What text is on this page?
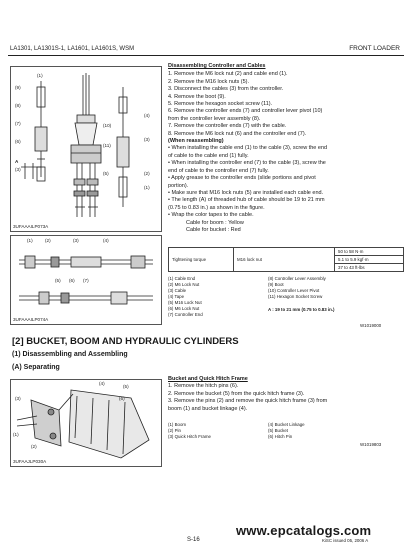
LA1301, LA1301S-1, LA1601, LA1601S, WSM	FRONT LOADER
(1)
(9)
(8)
(7)
(6)
(4)
(10)
(3)
(11)
(2)
(3)
(5)
(1)
A
3UFAAAILP073A
(1)	(2)	(3)	(4)
(5) (6) (7)
3UFAAAILP074A
Disassembling Controller and Cables
1. Remove the M6 lock nut (2) and cable end (1).
2. Remove the M16 lock nuts (5).
3. Disconnect the cables (3) from the controller.
4. Remove the boot (9).
5. Remove the hexagon socket screw (11).
6. Remove the controller ends (7) and controller lever pivot (10)
from the controller lever assembly (8).
7. Remove the controller ends (7) with the cable.
8. Remove the M6 lock nut (6) and the controller end (7).
(When reassembling)
• When installing the cable end (1) to the cable (3), screw the end
of cable to the cable end (1) fully.
• When installing the controller end (7) to the cable (3), screw the
end of cable to the controller end (7) fully.
• Apply grease to the controller ends (slide portions and pivot
portion).
• Make sure that M16 lock nuts (5) are installed each cable end.
• The length (A) of threaded hub of cable should be 19 to 21 mm
(0.75 to 0.83 in.) as shown in the figure.
• Wrap the color tapes to the cable.
Cable for boom : Yellow
Cable for bucket : Red
Tightening torque	M16 lock nut	50 to 58 N·m
5.1 to 5.9 kgf·m
37 to 43 ft-lbs
(1) Cable End
(2) M6 Lock Nut
(3) Cable
(4) Tape
(5) M16 Lock Nut
(6) M6 Lock Nut
(7) Controller End
(8) Controller Lever Assembly
(9) Boot
(10) Controller Lever Pivot
(11) Hexagon Socket Screw
A : 19 to 21 mm (0.75 to 0.83 in.)
W1019000
[2] BUCKET, BOOM AND HYDRAULIC CYLINDERS
(1) Disassembling and Assembling
(A) Separating
(4)
(5)
(6)
(3)
(1)
(2)
3UFAAJLP030A
Bucket and Quick Hitch Frame
1. Remove the hitch pins (6).
2. Remove the bucket (5) from the quick hitch frame (3).
3. Remove the pins (2) and remove the quick hitch frame (3) from
boom (1) and bucket linkage (4).
(1) Boom
(2) Pin
(3) Quick Hitch Frame
(4) Bucket Linkage
(5) Bucket
(6) Hitch Pin
W1019803
www.epcatalogs.com
KiSC issued 05, 2006 A
S-16
